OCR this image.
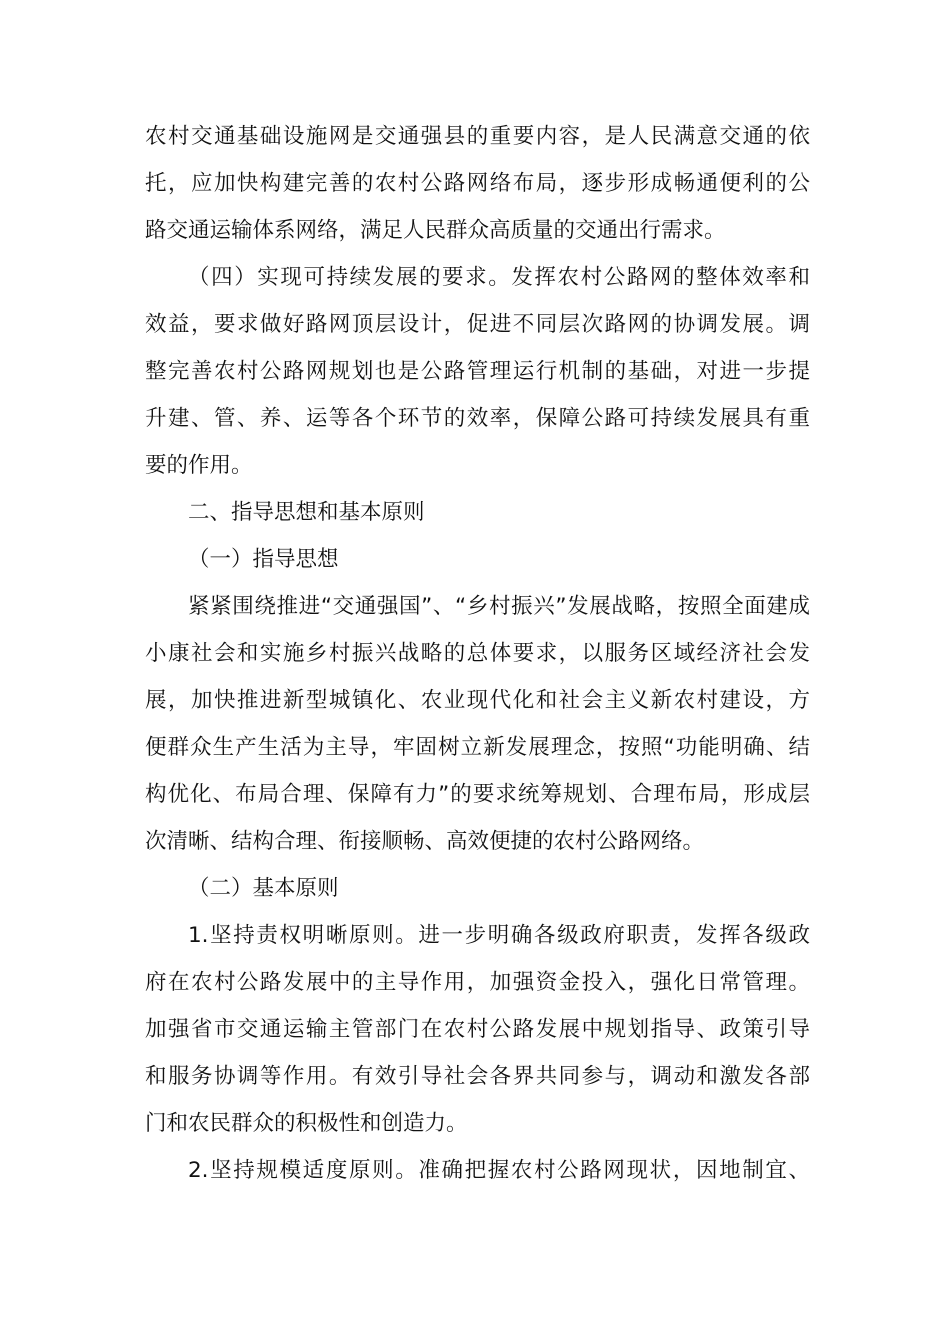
农村交通基础设施网是交通强县的重要内容，是人民满意交通的依
托，应加快构建完善的农村公路网络布局，逐步形成畅通便利的公
路交通运输体系网络，满足人民群众高质量的交通出行需求。
（四）实现可持续发展的要求。发挥农村公路网的整体效率和
效益，要求做好路网顶层设计，促进不同层次路网的协调发展。调
整完善农村公路网规划也是公路管理运行机制的基础，对进一步提
升建、管、养、运等各个环节的效率，保障公路可持续发展具有重
要的作用。
二、指导思想和基本原则
（一）指导思想
紧紧围绕推进“交通强国”、“乡村振兴”发展战略，按照全面建成
小康社会和实施乡村振兴战略的总体要求，以服务区域经济社会发
展，加快推进新型城镇化、农业现代化和社会主义新农村建设，方
便群众生产生活为主导，牢固树立新发展理念，按照“功能明确、结
构优化、布局合理、保障有力”的要求统筹规划、合理布局，形成层
次清晰、结构合理、衔接顺畅、高效便捷的农村公路网络。
（二）基本原则
1.坚持责权明晰原则。进一步明确各级政府职责，发挥各级政
府在农村公路发展中的主导作用，加强资金投入，强化日常管理。
加强省市交通运输主管部门在农村公路发展中规划指导、政策引导
和服务协调等作用。有效引导社会各界共同参与，调动和激发各部
门和农民群众的积极性和创造力。
2.坚持规模适度原则。准确把握农村公路网现状，因地制宜、
